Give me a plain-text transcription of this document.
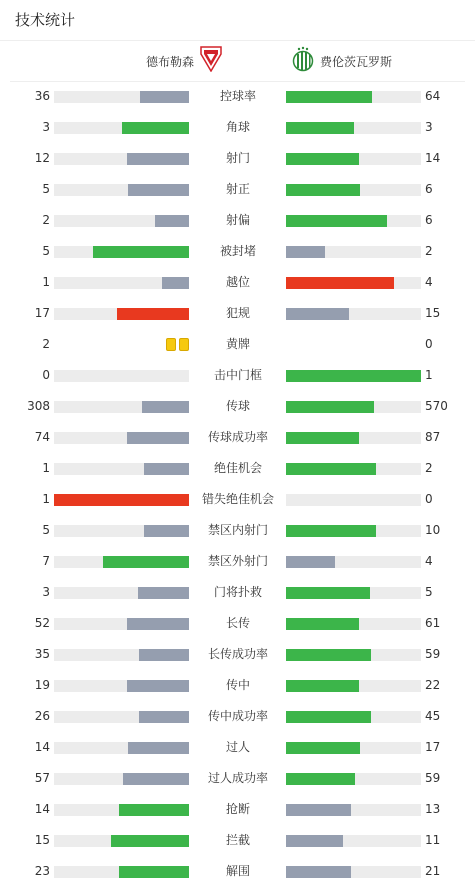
技术统计
德布勒森	费伦茨瓦罗斯
36	控球率	64
3	角球	3
12	射门	14
5	射正	6
2	射偏	6
5	被封堵	2
1	越位	4
17	犯规	15
2	黄牌	0
0	击中门框	1
308	传球	570
74	传球成功率	87
1	绝佳机会	2
1	错失绝佳机会	0
5	禁区内射门	10
7	禁区外射门	4
3	门将扑救	5
52	长传	61
35	长传成功率	59
19	传中	22
26	传中成功率	45
14	过人	17
57	过人成功率	59
14	抢断	13
15	拦截	11
23	解围	21
